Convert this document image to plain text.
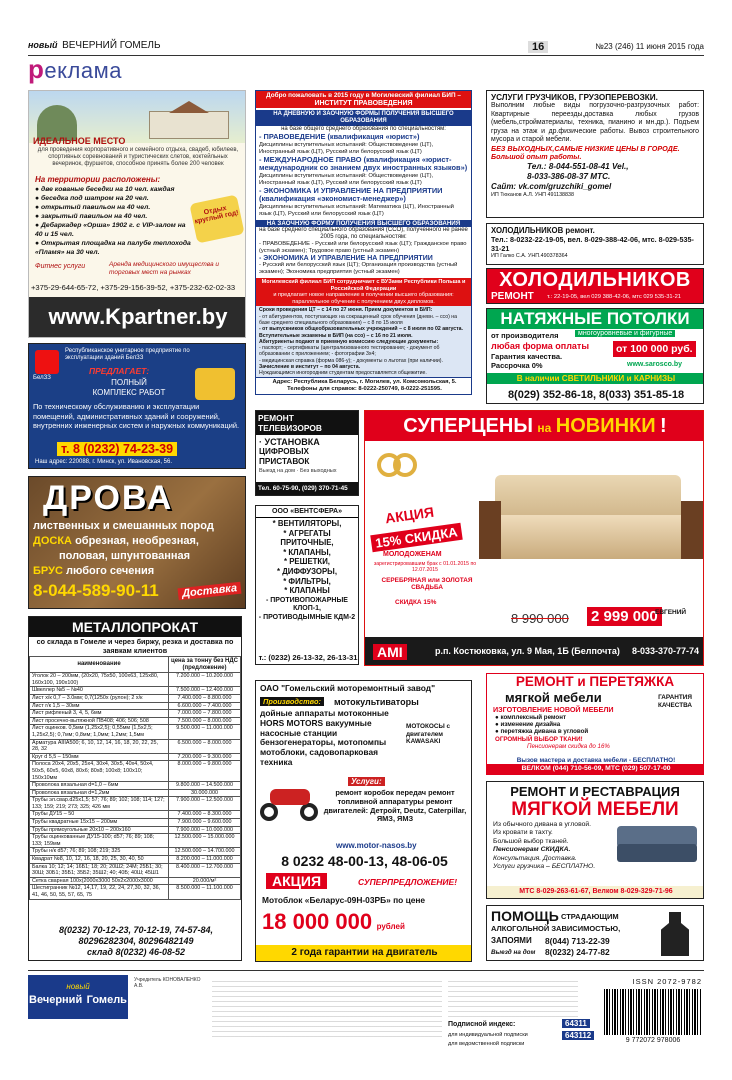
новый ВЕЧЕРНИЙ ГОМЕЛЬ	16	№23 (246) 11 июня 2015 года
реклама
ИДЕАЛЬНОЕ МЕСТО
для проведения корпоративного и семейного отдыха, свадеб, юбилеев, спортивных соревнований и туристических слетов, коктейльных вечеринок, фуршетов, способное принять более 200 человек
На территории расположены:
● две кованые беседки на 10 чел. каждая
● беседка под шатром на 20 чел.
● открытый павильон на 40 чел.
● закрытый павильон на 40 чел.
● Дебаркадер «Орша» 1902 г. с VIP-залом на 40 и 15 чел.
● Открытая площадка на палубе теплохода «Пламя» на 30 чел.
Отдых круглый год!
Фитнес услуги	Аренда медицинского имущества и торговых мест на рынках
+375-29-644-65-72, +375-29-156-39-52, +375-232-62-02-33
www.Kpartner.by
БелЗЗ
Республиканское унитарное предприятие по эксплуатации зданий БелЗЗ
ПРЕДЛАГАЕТ:
ПОЛНЫЙ КОМПЛЕКС РАБОТ
По техническому обслуживанию и эксплуатации помещений, административных зданий и сооружений, внутренних инженерных систем и наружных коммуникаций.
т. 8 (0232) 74-23-39
Наш адрес: 220088, г. Минск, ул. Ивановская, 56.
ДРОВА
лиственных и смешанных пород
ДОСКА обрезная, необрезная,
половая, шпунтованная
БРУС любого сечения
8-044-589-90-11	Доставка
МЕТАЛЛОПРОКАТ
со склада в Гомеле и через биржу, резка и доставка по заявкам клиентов
наименование	цена за тонну без НДС (предложение)
Уголок 20 – 200мм, (20х20, 75х50, 100х63, 125х80, 160х100, 190х100)	7.200.000 – 10.200.000
Швеллер №5 – №40	7.500.000 – 12.400.000
Лист х/к 0,7 – 3.0мм; 0,7(1250х (рулон); 2 х/к	7.400.000 – 8.800.000
Лист г/к 1,5 – 30мм	6.600.000 – 7.400.000
Лист рифленый 3, 4, 5, 6мм	7.000.000 – 7.800.000
Лист просечно-вытяжной ПВ408; 406; 506; 508	7.500.000 – 8.000.000
Лист оцинков. 0,5мм (1,25х2,5); 0,55мм (1,5х2,5; 1,25х2,5); 0,7мм; 0,8мм; 1,0мм; 1,2мм; 1,5мм	9.500.000 – 11.000.000
Арматура АIIIА500; 6, 10, 12, 14, 16, 18, 20, 22, 25, 28, 32	6.500.000 – 8.000.000
Круг d 5,5 – 150мм	7.200.000 – 9.300.000
Полоса 20х4, 20х5, 25х4, 30х4, 30х5, 40х4, 50х4, 50х5, 60х5, 60х8, 80х6; 80х8; 100х8; 100х10; 150х10мм	8.000.000 – 9.800.000
Проволока вязальная d=1,0 – 6мм	9.800.000 – 14.500.000
Проволока вязальная d=1,2мм	30.000.000
Трубы эл.свар.d25х1,5; 57; 76; 89; 102; 108; 114; 127; 133; 159; 219; 273; 325; 426 мм	7.900.000 – 12.500.000
Трубы ДУ15 – 50	7.400.000 – 8.300.000
Трубы квадратные 15х15 – 200мм	7.900.000 – 9.600.000
Трубы прямоугольные 20х10 – 200х160	7.900.000 – 10.000.000
Трубы оцинкованные ДУ15-100; d57; 76; 89; 108; 133; 159мм	12.500.000 – 15.000.000
Трубы н/к d57; 76; 89; 108; 219; 325	12.500.000 – 14.700.000
Квадрат №8, 10, 12, 16, 18, 20, 25, 30, 40, 50	8.200.000 – 11.000.000
Балка 10; 12; 14; 16Б1; 18; 20; 20Ш2; 24М; 25Б1; 30; 30Ш; 30Б1; 35Б1; 35Б2; 35Ш2; 40; 40Б; 40Ш; 45Ш1	8.400.000 – 12.700.000
Сетка сварная 100х(2000х3000 50х2х2000х3000	20.000/м²
Шестигранник №12, 14,17, 19, 22, 24, 27,30, 32, 36, 41, 46, 50, 55, 57, 65, 75	8.500.000 – 11.100.000
8(0232) 70-12-23, 70-12-19, 74-57-84,
80296282304, 80296482149
склад 8(0232) 46-08-52
Добро пожаловать в 2015 году в Могилевский филиал БИП –
ИНСТИТУТ ПРАВОВЕДЕНИЯ
НА ДНЕВНУЮ И ЗАОЧНУЮ ФОРМЫ ПОЛУЧЕНИЯ ВЫСШЕГО ОБРАЗОВАНИЯ
на базе общего среднего образования по специальностям:
- ПРАВОВЕДЕНИЕ (квалификация «юрист»)
Дисциплины вступительных испытаний: Обществоведение (ЦТ), Иностранный язык (ЦТ), Русский или белорусский язык (ЦТ)
- МЕЖДУНАРОДНОЕ ПРАВО (квалификация «юрист-международник со знанием двух иностранных языков»)
Дисциплины вступительных испытаний: Обществоведение (ЦТ), Иностранный язык (ЦТ), Русский или белорусский язык (ЦТ)
- ЭКОНОМИКА И УПРАВЛЕНИЕ НА ПРЕДПРИЯТИИ (квалификация «экономист-менеджер»)
Дисциплины вступительных испытаний: Математика (ЦТ), Иностранный язык (ЦТ), Русский или белорусский язык (ЦТ)
НА ЗАОЧНУЮ ФОРМУ ПОЛУЧЕНИЯ ВЫСШЕГО ОБРАЗОВАНИЯ
на базе среднего специального образования (ССО), полученного не ранее 2005 года, по специальностям:
- ПРАВОВЕДЕНИЕ - Русский или белорусский язык (ЦТ); Гражданское право (устный экзамен); Трудовое право (устный экзамен)
- ЭКОНОМИКА И УПРАВЛЕНИЕ НА ПРЕДПРИЯТИИ
- Русский или белорусский язык (ЦТ); Организация производства (устный экзамен); Экономика предприятия (устный экзамен)
Могилевский филиал БИП сотрудничает с ВУЗами Республики Польша и Российской Федерации
и предлагает новое направление в получении высшего образования: параллельное обучение с получением двух дипломов.
Сроки проведения ЦТ – с 14 по 27 июня. Прием документов в БИП:
- от абитуриентов, поступающих на сокращенный срок обучения (дневн. – ссо) на базе среднего специального образования) – с 8 по 15 июля
- от выпускников общеобразовательных учреждений – с 8 июля по 02 августа.
Вступительные экзамены в БИП (на ссо) – с 16 по 21 июля.
Абитуриенты подают в приемную комиссию следующие документы:
- паспорт; - сертификаты (централизованного тестирования; - документ об образовании с приложением; - фотографии 3х4;
- медицинская справка (форма 086-у); - документы о льготах (при наличии).
Зачисление в институт – по 04 августа.
Нуждающимся иногородним студентам предоставляется общежитие.
Адрес: Республика Беларусь, г. Могилев, ул. Комсомольская, 5. Телефоны для справок: 8-0222-250749, 8-0222-251595.
РЕМОНТ ТЕЛЕВИЗОРОВ
· УСТАНОВКА
ЦИФРОВЫХ ПРИСТАВОК
Выезд на дом · Без выходных
Тел. 60-75-90, (029) 370-71-45
ООО «ВЕНТСФЕРА»
* ВЕНТИЛЯТОРЫ,
* АГРЕГАТЫ ПРИТОЧНЫЕ,
* КЛАПАНЫ,
* РЕШЕТКИ,
* ДИФФУЗОРЫ,
* ФИЛЬТРЫ,
* КЛАПАНЫ
- ПРОТИВОПОЖАРНЫЕ КЛОП-1,
- ПРОТИВОДЫМНЫЕ КДМ-2
т.: (0232) 26-13-32, 26-13-31
УСЛУГИ ГРУЗЧИКОВ, ГРУЗОПЕРЕВОЗКИ.
Выполним любые виды погрузочно-разгрузочных работ: Квартирные переезды,доставка любых грузов (мебель,стройматериалы, техника, пианино и мн.др.). Подъем груза на этаж и др.физические работы. Вывоз строительного мусора и старой мебели.
БЕЗ ВЫХОДНЫХ,САМЫЕ НИЗКИЕ ЦЕНЫ В ГОРОДЕ. Большой опыт работы.
Тел.: 8-044-551-08-41 Vel.,
8-033-386-08-37 МТС.
Сайт: vk.com/gruzchiki_gomel
ИП Тюканов А.Л. УНП 491138838
ХОЛОДИЛЬНИКОВ ремонт.
Тел.: 8-0232-22-19-05, вел. 8-029-388-42-06, мтс. 8-029-535-31-21
ИП Галко С.А. УНП.490378364
ХОЛОДИЛЬНИКОВ
РЕМОНТ т.: 22-19-05, вел 029 388-42-06, мтс 029 535-31-21
НАТЯЖНЫЕ ПОТОЛКИ
от производителя	многоуровневые и фигурные
любая форма оплаты
Гарантия качества.
Рассрочка 0%
от 100 000 руб.
www.sarosco.by
В наличии СВЕТИЛЬНИКИ и КАРНИЗЫ
8(029) 352-86-18, 8(033) 351-85-18
СУПЕРЦЕНЫ на НОВИНКИ !
АКЦИЯ
15% СКИДКА
МОЛОДОЖЕНАМ
зарегистрировавшим брак с 01.01.2015 по 12.07.2015
СЕРЕБРЯНАЯ или ЗОЛОТАЯ СВАДЬБА
СКИДКА 15%
8 990 000 2 999 000
ЕВГЕНИЙ
AMI	р.п. Костюковка, ул. 9 Мая, 1Б (Белпочта) 8-033-370-77-74
ОАО "Гомельский моторемонтный завод"
Производство:	мотокультиваторы
дойные аппараты мотоконные HORS MOTORS вакуумные насосные станции бензогенераторы, мотопомпы мотоблоки, садовопарковая техника
МОТОКОСЫ с двигателем KAWASAKI
Услуги:
ремонт коробок передач ремонт топливной аппаратуры ремонт двигателей: Детройт, Deutz, Caterpillar, ЯМЗ, ЯМЗ
www.motor-nasos.by
8 0232 48-00-13, 48-06-05
АКЦИЯ	СУПЕРПРЕДЛОЖЕНИЕ!
Мотоблок «Беларус-09Н-03РБ» по цене
18 000 000 рублей
2 года гарантии на двигатель
РЕМОНТ и ПЕРЕТЯЖКА
мягкой мебели
ИЗГОТОВЛЕНИЕ НОВОЙ МЕБЕЛИ
● комплексный ремонт
● изменение дизайна
● перетяжка дивана в угловой
ОГРОМНЫЙ ВЫБОР ТКАНИ!
Пенсионерам скидка до 16%
ГАРАНТИЯ КАЧЕСТВА
Вызов мастера и доставка мебели - БЕСПЛАТНО!
ВЕЛКОМ (044) 710-56-09, МТС (029) 507-17-00
РЕМОНТ И РЕСТАВРАЦИЯ
МЯГКОЙ МЕБЕЛИ
Из обычного дивана в угловой.
Из кровати в тахту.
Большой выбор тканей.
Пенсионерам СКИДКА.
Консультация. Доставка.
Услуги грузчика – БЕСПЛАТНО.
МТС 8-029-263-61-67, Велком 8-029-329-71-96
ПОМОЩЬ СТРАДАЮЩИМ
АЛКОГОЛЬНОЙ ЗАВИСИМОСТЬЮ,
ЗАПОЯМИ 8(044) 713-22-39
8(0232) 24-77-82
Выезд на дом
новый
Вечерний Гомель
Учредитель КОНОВАЛЕНКО А.В.
Подписной индекс:
для индивидуальной подписки
для ведомственной подписки
64311
643112
ISSN 2072-9782
9 772072 978006
